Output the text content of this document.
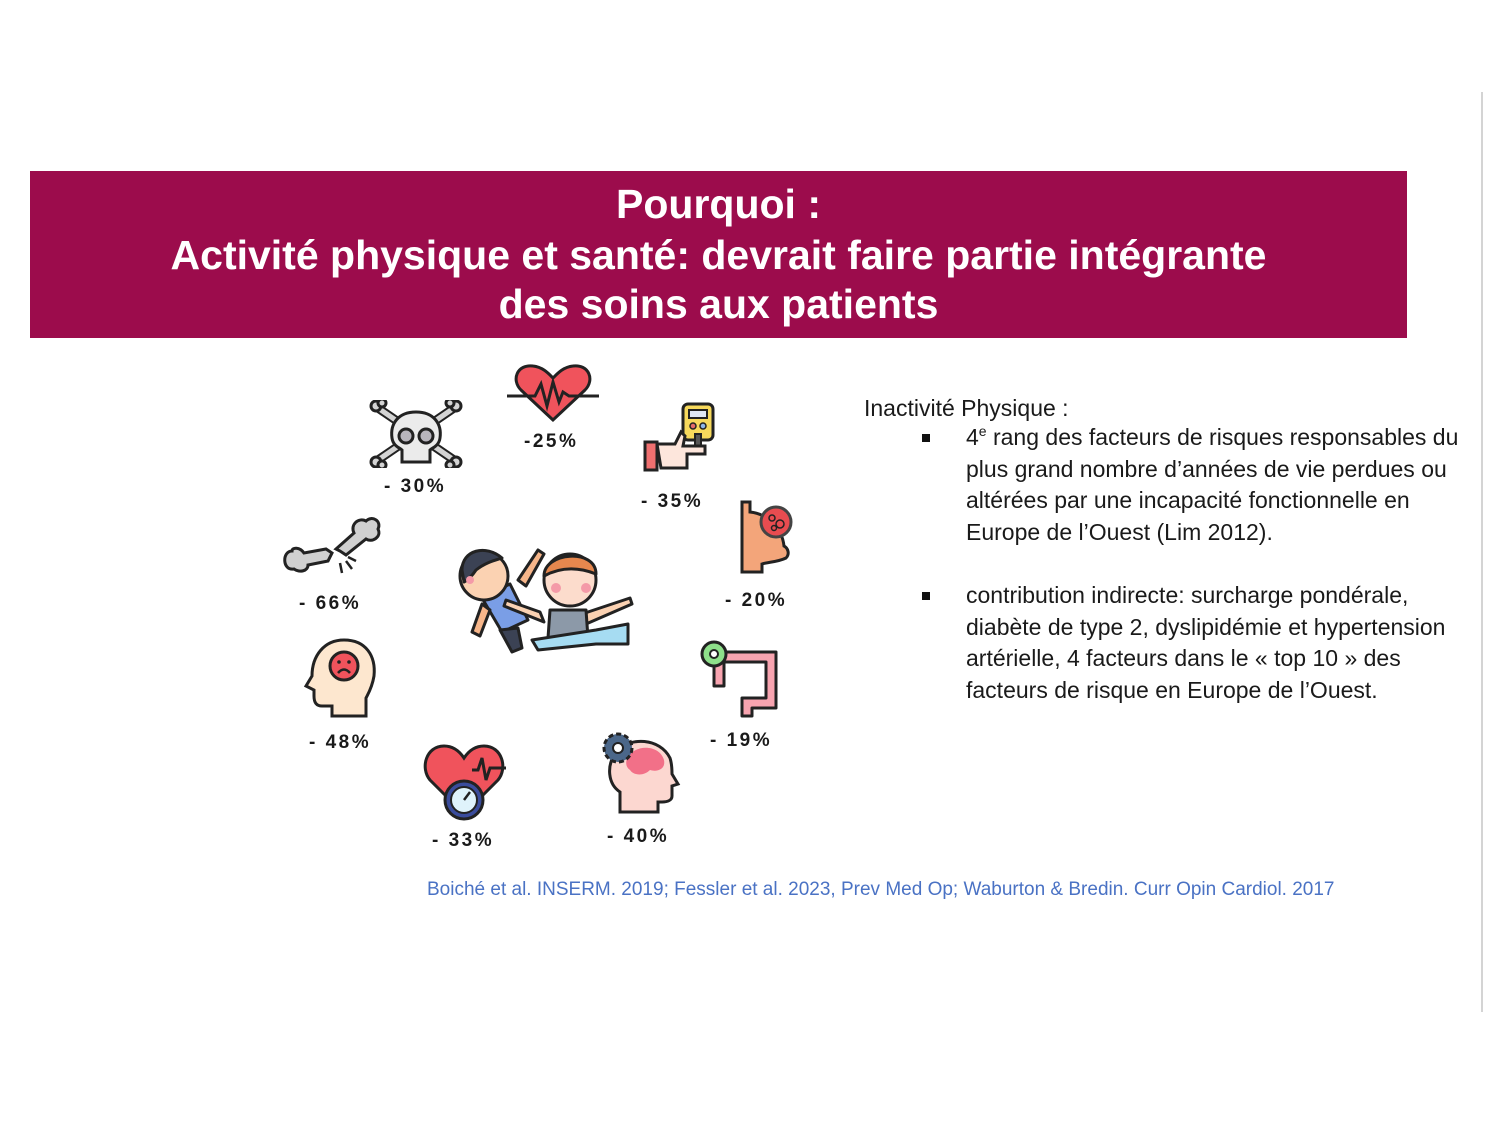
Pourquoi :
Activité physique et santé: devrait faire partie intégrante
des soins aux patients
- 30%
-25%
- 35%
- 20%
- 19%
- 40%
- 33%
- 48%
- 66%
Inactivité Physique :
4e rang des facteurs de risques responsables du plus grand nombre d’années de vie perdues ou altérées par une incapacité fonctionnelle en Europe de l’Ouest (Lim 2012).
contribution indirecte: surcharge pondérale, diabète de type 2, dyslipidémie et hypertension artérielle, 4 facteurs dans le « top 10 » des facteurs de risque en Europe de l’Ouest.
Boiché et al. INSERM. 2019; Fessler et al. 2023, Prev Med Op; Waburton & Bredin. Curr Opin Cardiol. 2017
